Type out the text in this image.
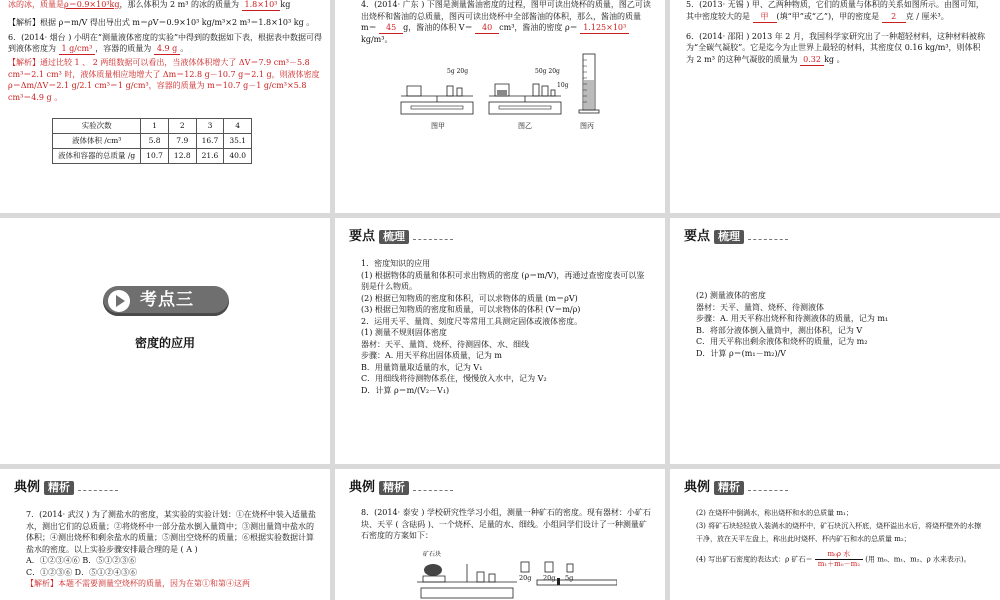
冰的冰，质量是ρ＝0.9×10³kg，那么体积为 2 m³ 的冰的质量为 1.8×10³ kg

【解析】根据 ρ＝m/V 得出导出式 m＝ρV＝0.9×10³ kg/m³×2 m³＝1.8×10³ kg 。

6．(2014· 烟台 ) 小明在“测量液体密度的实验”中得到的数据如下表，根据表中数据可得到液体密度为 1 g/cm³ ，容器的质量为 4.9 g 。

【解析】通过比较 1 、 2 两组数据可以看出，当液体体积增大了 ΔV＝7.9 cm³－5.8 cm³＝2.1 cm³ 时，液体质量相应地增大了 Δm＝12.8 g－10.7 g＝2.1 g，则液体密度 ρ＝Δm/ΔV＝2.1 g/2.1 cm³＝1 g/cm³，容器的质量为 m＝10.7 g－1 g/cm³×5.8 cm³＝4.9 g 。

实验次数	1	2	3	4
液体体积 /cm³	5.8	7.9	16.7	35.1
液体和容器的总质量 /g	10.7	12.8	21.6	40.0

4．(2014· 广东 ) 下图是测量酱油密度的过程，图甲可读出烧杯的质量，图乙可读出烧杯和酱油的总质量，图丙可读出烧杯中全部酱油的体积，那么，酱油的质量 m＝ 45 g，酱油的体积 V＝ 40 cm³，酱油的密度 ρ＝ 1.125×10³kg/m³。

5g 20g	50g 20g
10g
图甲	图乙	图丙

5．(2013· 无锡 ) 甲、乙两种物质，它们的质量与体积的关系如图所示。由图可知，其中密度较大的是 甲 (填“甲”或“乙”)，甲的密度是 2 克 / 厘米³。

6．(2014· 邵阳 ) 2013 年 2 月，我国科学家研究出了一种超轻材料，这种材料被称为“全碳气凝胶”。它是迄今为止世界上最轻的材料，其密度仅 0.16 kg/m³，则体积为 2 m³ 的这种气凝胶的质量为 0.32 kg 。

考点三

密度的应用

要点 梳理

1．密度知识的应用

(1) 根据物体的质量和体积可求出物质的密度 (ρ＝m/V)，再通过查密度表可以鉴别是什么物质。

(2) 根据已知物质的密度和体积，可以求物体的质量 (m＝ρV)

(3) 根据已知物质的密度和质量，可以求物体的体积 (V＝m/ρ)

2．运用天平、量筒、刻度尺等常用工具测定固体或液体密度。

(1) 测量不规则固体密度

器材：天平、量筒、烧杯、待测固体、水、细线

步骤：A. 用天平称出固体质量，记为 m

B．用量筒量取适量的水，记为 V₁

C．用细线将待测物体系住，慢慢放入水中，记为 V₂

D．计算 ρ＝m/(V₂－V₁)

要点 梳理

(2) 测量液体的密度

器材：天平、量筒、烧杯、待测液体

步骤：A. 用天平称出烧杯和待测液体的质量，记为 m₁

B．将部分液体倒入量筒中，测出体积，记为 V

C．用天平称出剩余液体和烧杯的质量，记为 m₂

D．计算 ρ＝(m₁－m₂)/V

典例 精析

7．(2014· 武汉 ) 为了测盐水的密度，某实验的实验计划：①在烧杯中装入适量盐水，测出它们的总质量；②将烧杯中一部分盐水倒入量筒中；③测出量筒中盐水的体积；④测出烧杯和剩余盐水的质量；⑤测出空烧杯的质量；⑥根据实验数据计算盐水的密度。以上实验步骤安排最合理的是 ( A )

A．①②③④⑥ B．⑤①②③⑥

C．①②③⑥ D．⑤①②④③⑥

【解析】本题不需要测量空烧杯的质量，因为在第①和第④这两

典例 精析

8．(2014· 泰安 ) 学校研究性学习小组，测量一种矿石的密度。现有器材：小矿石块、天平 ( 含砝码 )、一个烧杯、足量的水、细线。小组同学们设计了一种测量矿石密度的方案如下：

矿石块
20g 20g 5g
典例 精析

(2) 在烧杯中倒满水，称出烧杯和水的总质量 m₁；

(3) 将矿石块轻轻放入装满水的烧杯中，矿石块沉入杯底，烧杯溢出水后，将烧杯壁外的水擦干净，放在天平左盘上，称出此时烧杯、杯内矿石和水的总质量 m₂；

(4) 写出矿石密度的表达式：ρ 矿石＝
m₀ρ 水
m₁＋m₀－m₂
(用 m₀、m₁、m₂、ρ 水来表示)。
